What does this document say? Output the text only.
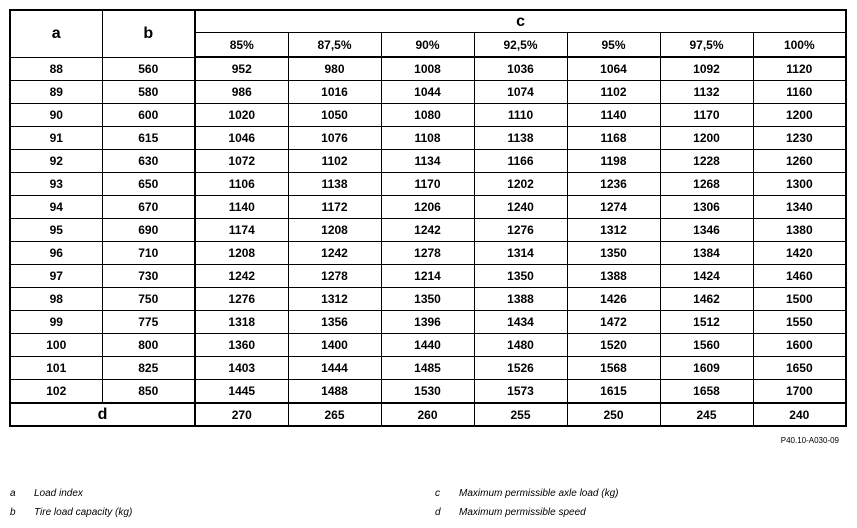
a	b	c						
		85%	87,5%	90%	92,5%	95%	97,5%	100%
88	560	952	980	1008	1036	1064	1092	1120
89	580	986	1016	1044	1074	1102	1132	1160
90	600	1020	1050	1080	1110	1140	1170	1200
91	615	1046	1076	1108	1138	1168	1200	1230
92	630	1072	1102	1134	1166	1198	1228	1260
93	650	1106	1138	1170	1202	1236	1268	1300
94	670	1140	1172	1206	1240	1274	1306	1340
95	690	1174	1208	1242	1276	1312	1346	1380
96	710	1208	1242	1278	1314	1350	1384	1420
97	730	1242	1278	1214	1350	1388	1424	1460
98	750	1276	1312	1350	1388	1426	1462	1500
99	775	1318	1356	1396	1434	1472	1512	1550
100	800	1360	1400	1440	1480	1520	1560	1600
101	825	1403	1444	1485	1526	1568	1609	1650
102	850	1445	1488	1530	1573	1615	1658	1700
d		270	265	260	255	250	245	240
P40.10-A030-09
a Load index
b Tire load capacity (kg)
c Maximum permissible axle load (kg)
d Maximum permissible speed
